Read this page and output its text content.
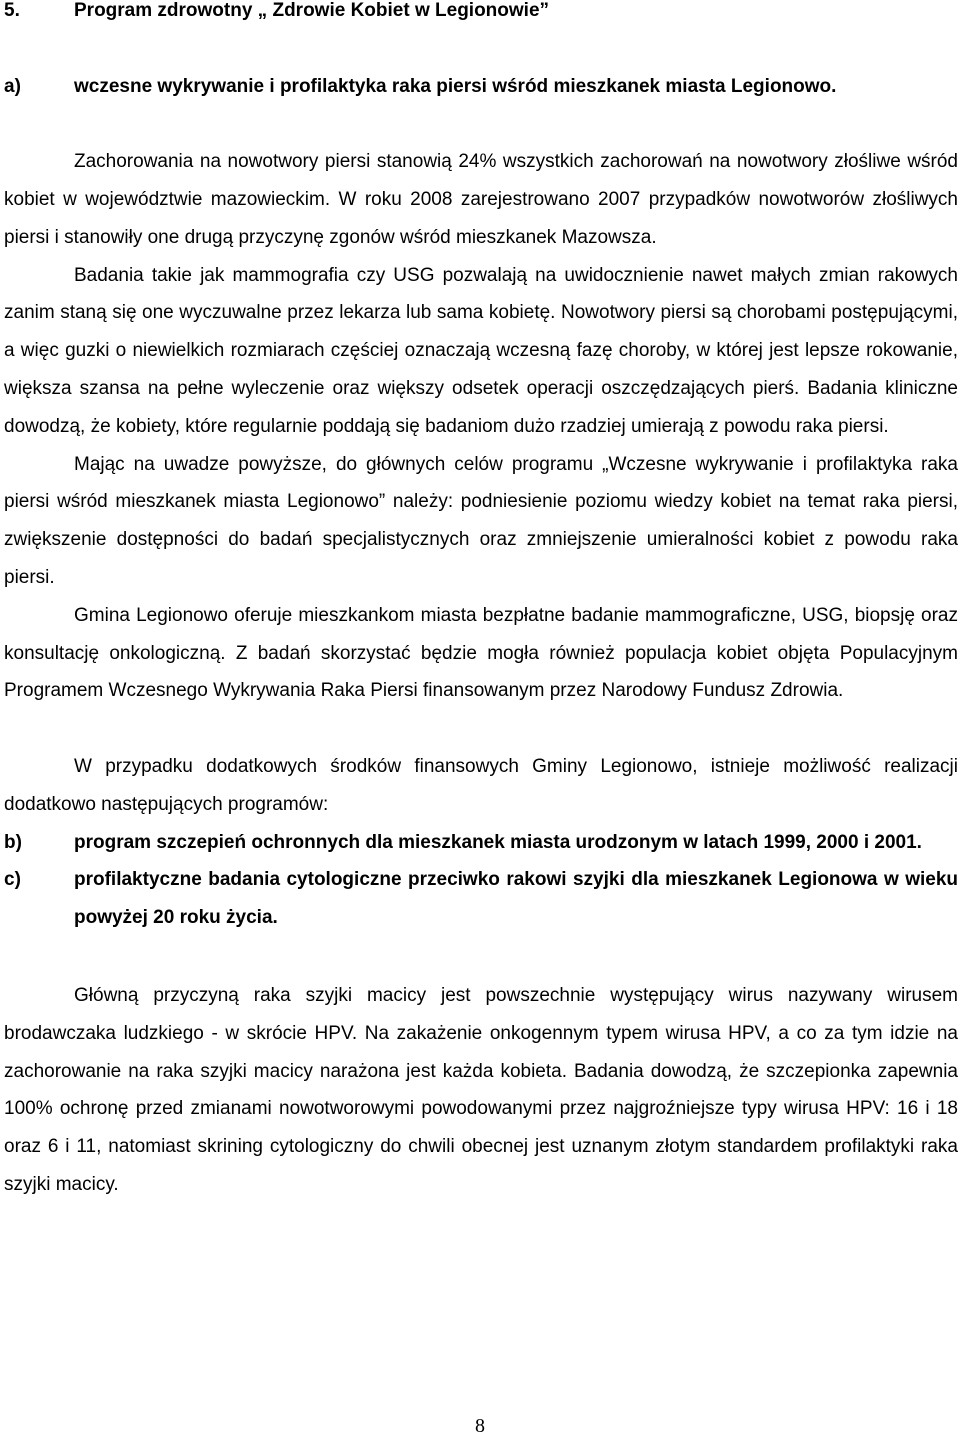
5.	Program zdrowotny „ Zdrowie Kobiet w Legionowie”
a)	wczesne wykrywanie i profilaktyka raka piersi wśród mieszkanek miasta Legionowo.

Zachorowania na nowotwory piersi stanowią 24% wszystkich zachorowań na nowotwory złośliwe wśród kobiet w województwie mazowieckim. W roku 2008 zarejestrowano 2007 przypadków nowotworów złośliwych piersi i stanowiły one drugą przyczynę zgonów wśród mieszkanek Mazowsza.

Badania takie jak mammografia czy USG pozwalają na uwidocznienie nawet małych zmian rakowych zanim staną się one wyczuwalne przez lekarza lub sama kobietę. Nowotwory piersi są chorobami postępującymi, a więc guzki o niewielkich rozmiarach częściej oznaczają wczesną fazę choroby, w której jest lepsze rokowanie, większa szansa na pełne wyleczenie oraz większy odsetek operacji oszczędzających pierś. Badania kliniczne dowodzą, że kobiety, które regularnie poddają się badaniom dużo rzadziej umierają z powodu raka piersi.

Mając na uwadze powyższe, do głównych celów programu „Wczesne wykrywanie i profilaktyka raka piersi wśród mieszkanek miasta Legionowo” należy: podniesienie poziomu wiedzy kobiet na temat raka piersi, zwiększenie dostępności do badań specjalistycznych oraz zmniejszenie umieralności kobiet z powodu raka piersi.

Gmina Legionowo oferuje mieszkankom miasta bezpłatne badanie mammograficzne, USG, biopsję oraz konsultację onkologiczną. Z badań skorzystać będzie mogła również populacja kobiet objęta Populacyjnym Programem Wczesnego Wykrywania Raka Piersi finansowanym przez Narodowy Fundusz Zdrowia.

W przypadku dodatkowych środków finansowych Gminy Legionowo, istnieje możliwość realizacji dodatkowo następujących programów:

b)	program szczepień ochronnych dla mieszkanek miasta urodzonym w latach 1999, 2000 i 2001.
c)	profilaktyczne badania cytologiczne przeciwko rakowi szyjki dla mieszkanek Legionowa w wieku powyżej 20 roku życia.

Główną przyczyną raka szyjki macicy jest powszechnie występujący wirus nazywany wirusem brodawczaka ludzkiego - w skrócie HPV. Na zakażenie onkogennym typem wirusa HPV, a co za tym idzie na zachorowanie na raka szyjki macicy narażona jest każda kobieta. Badania dowodzą, że szczepionka zapewnia 100% ochronę przed zmianami nowotworowymi powodowanymi przez najgroźniejsze typy wirusa HPV: 16 i 18 oraz 6 i 11, natomiast skrining cytologiczny do chwili obecnej jest uznanym złotym standardem profilaktyki raka szyjki macicy.

8
